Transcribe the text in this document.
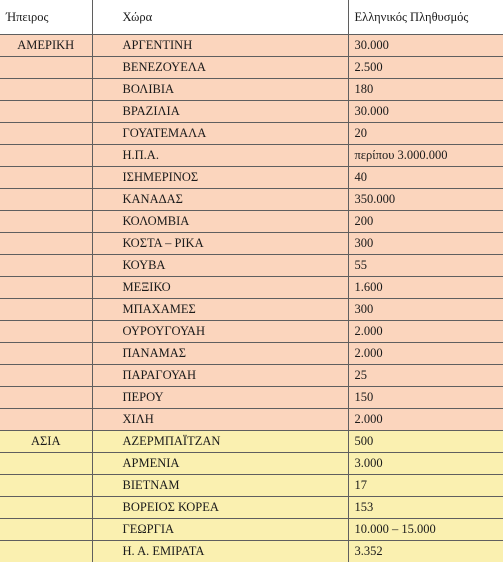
Ήπειρος	Χώρα	Ελληνικός Πληθυσμός
ΑΜΕΡΙΚΗ	ΑΡΓΕΝΤΙΝΗ	30.000
	ΒΕΝΕΖΟΥΕΛΑ	2.500
	ΒΟΛΙΒΙΑ	180
	ΒΡΑΖΙΛΙΑ	30.000
	ΓΟΥΑΤΕΜΑΛΑ	20
	Η.Π.Α.	περίπου 3.000.000
	ΙΣΗΜΕΡΙΝΟΣ	40
	ΚΑΝΑΔΑΣ	350.000
	ΚΟΛΟΜΒΙΑ	200
	ΚΟΣΤΑ – ΡΙΚΑ	300
	ΚΟΥΒΑ	55
	ΜΕΞΙΚΟ	1.600
	ΜΠΑΧΑΜΕΣ	300
	ΟΥΡΟΥΓΟΥΑΗ	2.000
	ΠΑΝΑΜΑΣ	2.000
	ΠΑΡΑΓΟΥΑΗ	25
	ΠΕΡΟΥ	150
	ΧΙΛΗ	2.000
ΑΣΙΑ	ΑΖΕΡΜΠΑΪΤΖΑΝ	500
	ΑΡΜΕΝΙΑ	3.000
	ΒΙΕΤΝΑΜ	17
	ΒΟΡΕΙΟΣ ΚΟΡΕΑ	153
	ΓΕΩΡΓΙΑ	10.000 – 15.000
	Η. Α. ΕΜΙΡΑΤΑ	3.352
